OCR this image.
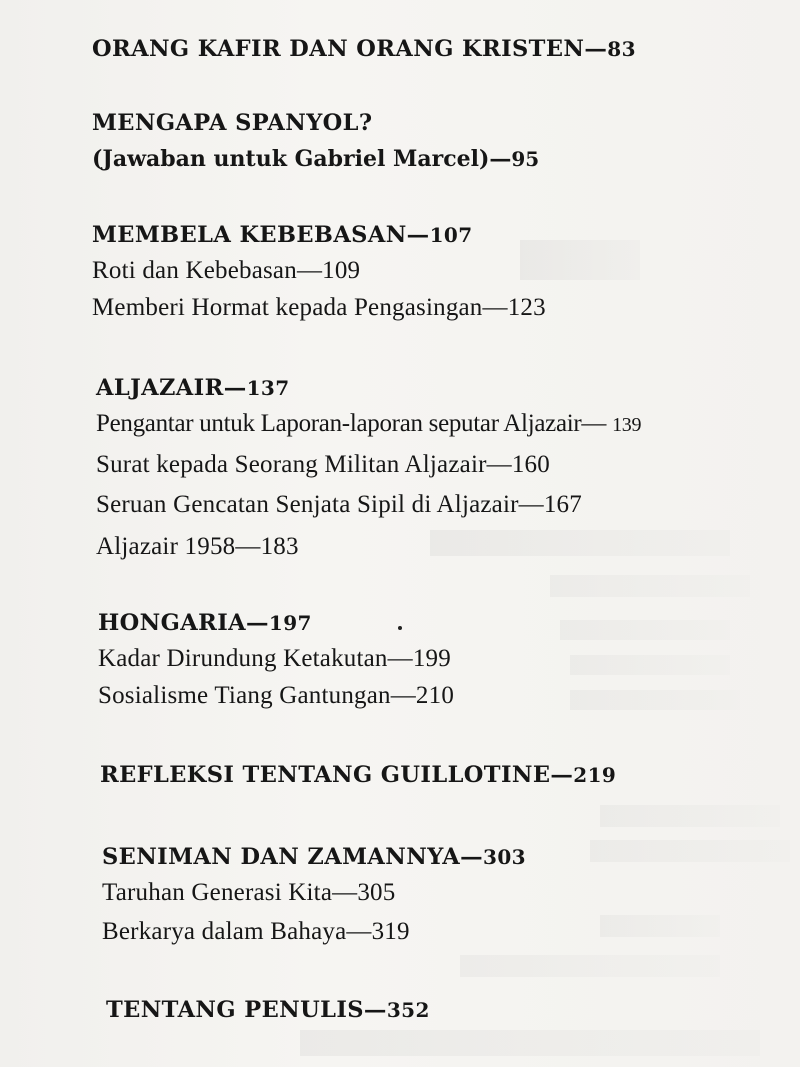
ORANG KAFIR DAN ORANG KRISTEN—83
MENGAPA SPANYOL?
(Jawaban untuk Gabriel Marcel)—95
MEMBELA KEBEBASAN—107
Roti dan Kebebasan—109
Memberi Hormat kepada Pengasingan—123
ALJAZAIR—137
Pengantar untuk Laporan-laporan seputar Aljazair— 139
Surat kepada Seorang Militan Aljazair—160
Seruan Gencatan Senjata Sipil di Aljazair—167
Aljazair 1958—183
HONGARIA—197
Kadar Dirundung Ketakutan—199
Sosialisme Tiang Gantungan—210
REFLEKSI TENTANG GUILLOTINE—219
SENIMAN DAN ZAMANNYA—303
Taruhan Generasi Kita—305
Berkarya dalam Bahaya—319
TENTANG PENULIS—352
